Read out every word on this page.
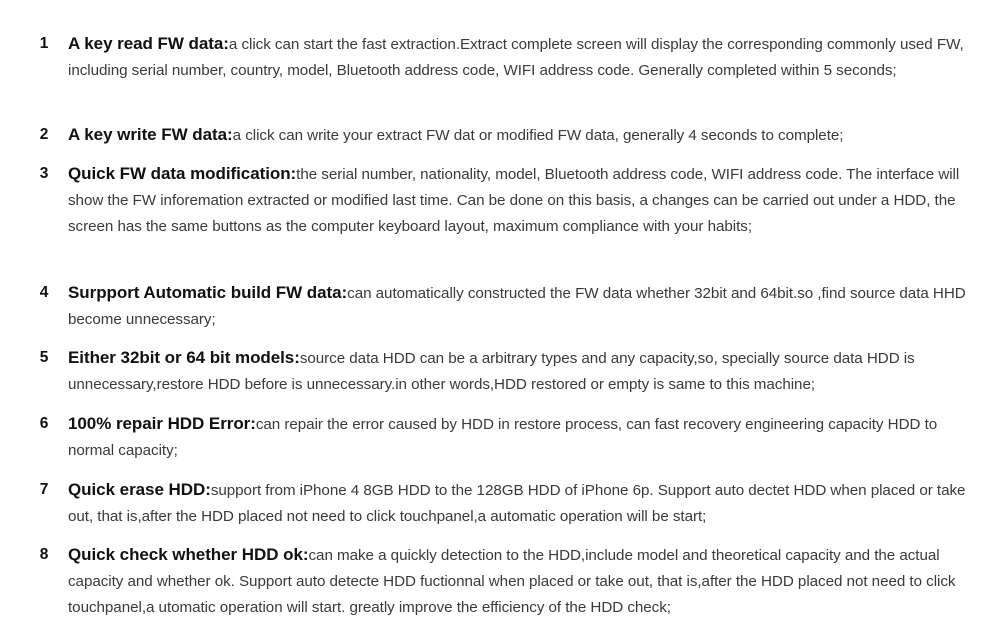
1	A key read FW data:a click can start the fast extraction.Extract complete screen will display the corresponding commonly used FW, including serial number, country, model, Bluetooth address code, WIFI address code. Generally completed within 5 seconds;
2	A key write FW data:a click can write your extract FW dat or modified FW data, generally 4 seconds to complete;
3	Quick FW data modification:the serial number, nationality, model, Bluetooth address code, WIFI address code. The interface will show the FW inforemation extracted or modified last time. Can be done on this basis, a changes can be carried out under a HDD, the screen has the same buttons as the computer keyboard layout, maximum compliance with your habits;
4	Surpport Automatic build FW data:can automatically constructed the FW data whether 32bit and 64bit.so ,find source data HHD become unnecessary;
5	Either 32bit or 64 bit models:source data HDD can be a arbitrary types and any capacity,so, specially source data HDD is unnecessary,restore HDD before is unnecessary.in other words,HDD restored or empty is same to this machine;
6	100% repair HDD Error:can repair the error caused by HDD in restore process, can fast recovery engineering capacity HDD to normal capacity;
7	Quick erase HDD:support from iPhone 4 8GB HDD to the 128GB HDD of iPhone 6p. Support auto dectet HDD when placed or take out, that is,after the HDD placed not need to click touchpanel,a automatic operation will be start;
8	Quick check whether HDD ok:can make a quickly detection to the HDD,include model and theoretical capacity and the actual capacity and whether ok. Support auto detecte HDD fuctionnal when placed or take out, that is,after the HDD placed not need to click touchpanel,a utomatic operation will start. greatly improve the efficiency of the HDD check;
